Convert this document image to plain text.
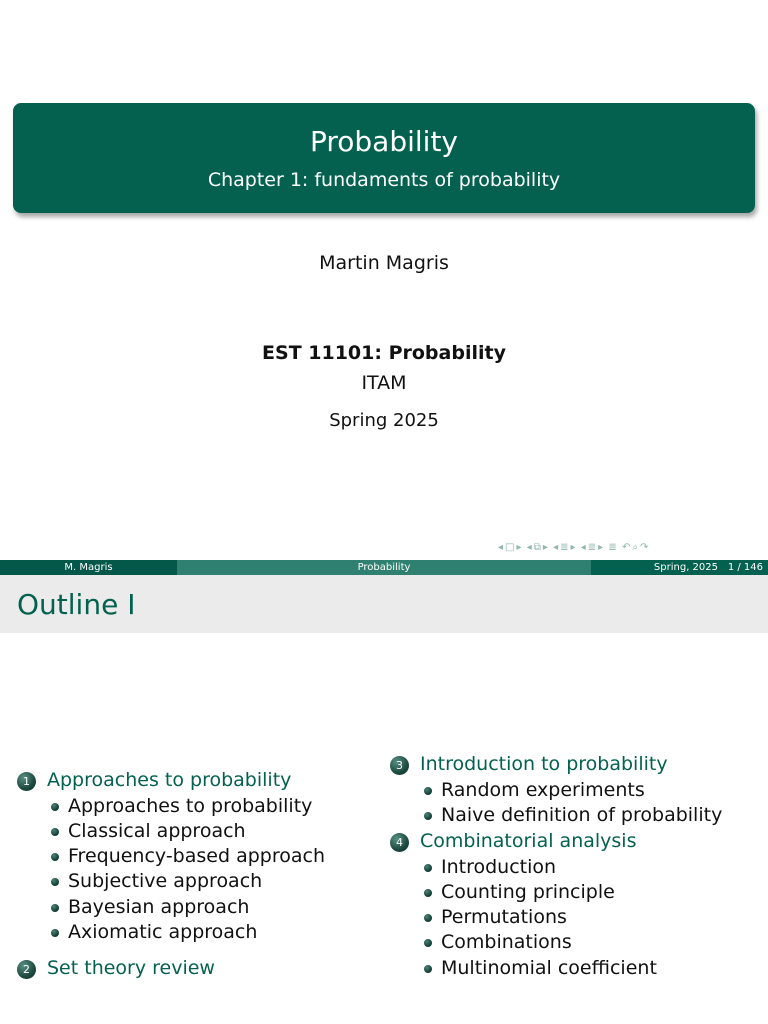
Probability
Chapter 1: fundaments of probability
Martin Magris
EST 11101: Probability
ITAM
Spring 2025
◂ □ ▸ ◂ ⧉ ▸ ◂ ≣ ▸ ◂ ≣ ▸ ≣ ↶ ⌕ ↷
M. Magris	Probability	Spring, 2025 1 / 146
Outline I
1 Approaches to probability
Approaches to probability
Classical approach
Frequency-based approach
Subjective approach
Bayesian approach
Axiomatic approach
2 Set theory review
3 Introduction to probability
Random experiments
Naive definition of probability
4 Combinatorial analysis
Introduction
Counting principle
Permutations
Combinations
Multinomial coefficient
